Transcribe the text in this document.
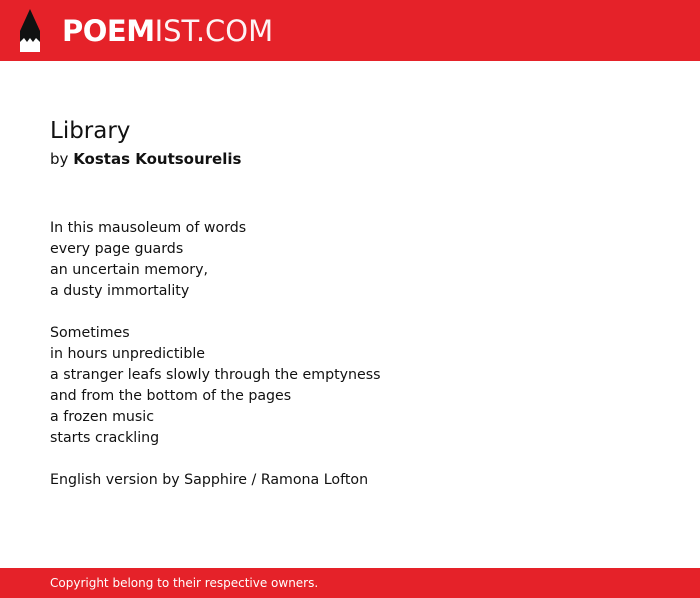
POEMIST.COM
Library
by Kostas Koutsourelis
In this mausoleum of words
every page guards
an uncertain memory,
a dusty immortality
Sometimes
in hours unpredictible
a stranger leafs slowly through the emptyness
and from the bottom of the pages
a frozen music
starts crackling
English version by Sapphire / Ramona Lofton
Copyright belong to their respective owners.
